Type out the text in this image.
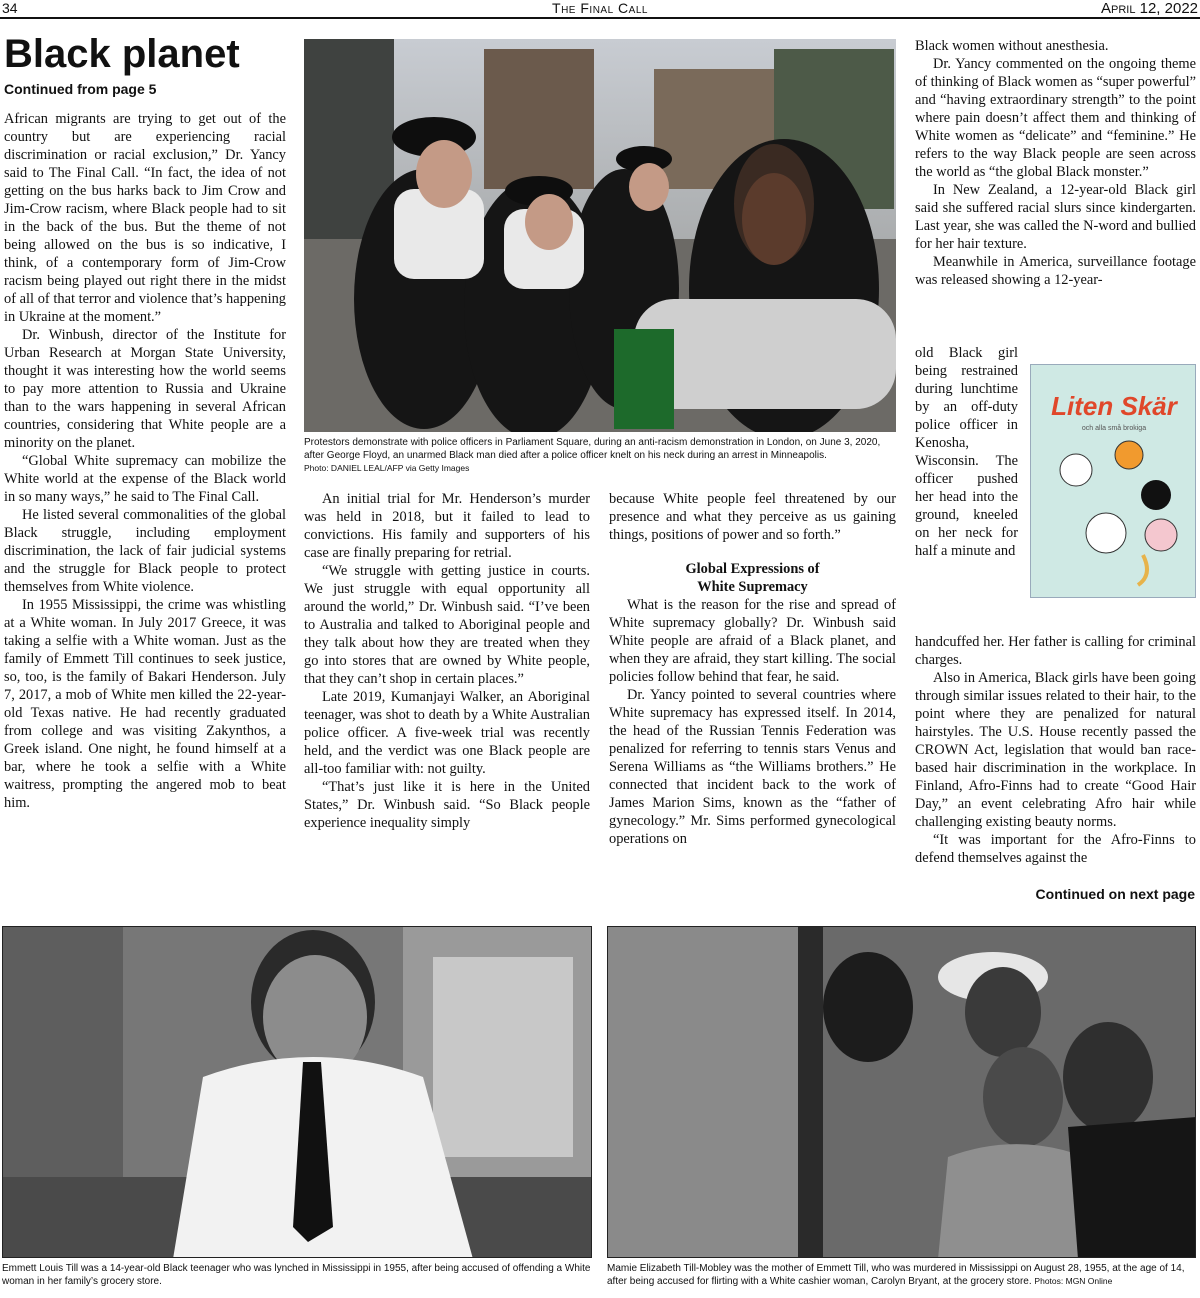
34	The Final Call	April 12, 2022
Black planet
Continued from page 5

African migrants are trying to get out of the country but are experiencing racial discrimination or racial exclusion,” Dr. Yancy said to The Final Call. “In fact, the idea of not getting on the bus harks back to Jim Crow and Jim-Crow racism, where Black people had to sit in the back of the bus. But the theme of not being allowed on the bus is so indicative, I think, of a contemporary form of Jim-Crow racism being played out right there in the midst of all of that terror and violence that’s happening in Ukraine at the moment.”

Dr. Winbush, director of the Institute for Urban Research at Morgan State University, thought it was interesting how the world seems to pay more attention to Russia and Ukraine than to the wars happening in several African countries, considering that White people are a minority on the planet.

“Global White supremacy can mobilize the White world at the expense of the Black world in so many ways,” he said to The Final Call.

He listed several commonalities of the global Black struggle, including employment discrimination, the lack of fair judicial systems and the struggle for Black people to protect themselves from White violence.

In 1955 Mississippi, the crime was whistling at a White woman. In July 2017 Greece, it was taking a selfie with a White woman. Just as the family of Emmett Till continues to seek justice, so, too, is the family of Bakari Henderson. July 7, 2017, a mob of White men killed the 22-year-old Texas native. He had recently graduated from college and was visiting Zakynthos, a Greek island. One night, he found himself at a bar, where he took a selfie with a White waitress, prompting the angered mob to beat him.

Protestors demonstrate with police officers in Parliament Square, during an anti-racism demonstration in London, on June 3, 2020, after George Floyd, an unarmed Black man died after a police officer knelt on his neck during an arrest in Minneapolis.
Photo: DANIEL LEAL/AFP via Getty Images

An initial trial for Mr. Henderson’s murder was held in 2018, but it failed to lead to convictions. His family and supporters of his case are finally preparing for retrial.

“We struggle with getting justice in courts. We just struggle with equal opportunity all around the world,” Dr. Winbush said. “I’ve been to Australia and talked to Aboriginal people and they talk about how they are treated when they go into stores that are owned by White people, that they can’t shop in certain places.”

Late 2019, Kumanjayi Walker, an Aboriginal teenager, was shot to death by a White Australian police officer. A five-week trial was recently held, and the verdict was one Black people are all-too familiar with: not guilty.

“That’s just like it is here in the United States,” Dr. Winbush said. “So Black people experience inequality simply

because White people feel threatened by our presence and what they perceive as us gaining things, positions of power and so forth.”

Global Expressions of
White Supremacy

What is the reason for the rise and spread of White supremacy globally? Dr. Winbush said White people are afraid of a Black planet, and when they are afraid, they start killing. The social policies follow behind that fear, he said.

Dr. Yancy pointed to several countries where White supremacy has expressed itself. In 2014, the head of the Russian Tennis Federation was penalized for referring to tennis stars Venus and Serena Williams as “the Williams brothers.” He connected that incident back to the work of James Marion Sims, known as the “father of gynecology.” Mr. Sims performed gynecological operations on

Black women without anesthesia.

Dr. Yancy commented on the ongoing theme of thinking of Black women as “super powerful” and “having extraordinary strength” to the point where pain doesn’t affect them and thinking of White women as “delicate” and “feminine.” He refers to the way Black people are seen across the world as “the global Black monster.”

In New Zealand, a 12-year-old Black girl said she suffered racial slurs since kindergarten. Last year, she was called the N-word and bullied for her hair texture.

Meanwhile in America, surveillance footage was released showing a 12-year-

old Black girl being restrained during lunchtime by an off-duty police officer in Kenosha, Wisconsin. The officer pushed her head into the ground, kneeled on her neck for half a minute and

Liten Skär
och alla små brokiga

handcuffed her. Her father is calling for criminal charges.

Also in America, Black girls have been going through similar issues related to their hair, to the point where they are penalized for natural hairstyles. The U.S. House recently passed the CROWN Act, legislation that would ban race-based hair discrimination in the workplace. In Finland, Afro-Finns had to create “Good Hair Day,” an event celebrating Afro hair while challenging existing beauty norms.

“It was important for the Afro-Finns to defend themselves against the

Continued on next page
Emmett Louis Till was a 14-year-old Black teenager who was lynched in Mississippi in 1955, after being accused of offending a White woman in her family’s grocery store.
Mamie Elizabeth Till-Mobley was the mother of Emmett Till, who was murdered in Mississippi on August 28, 1955, at the age of 14, after being accused for flirting with a White cashier woman, Carolyn Bryant, at the grocery store. Photos: MGN Online
